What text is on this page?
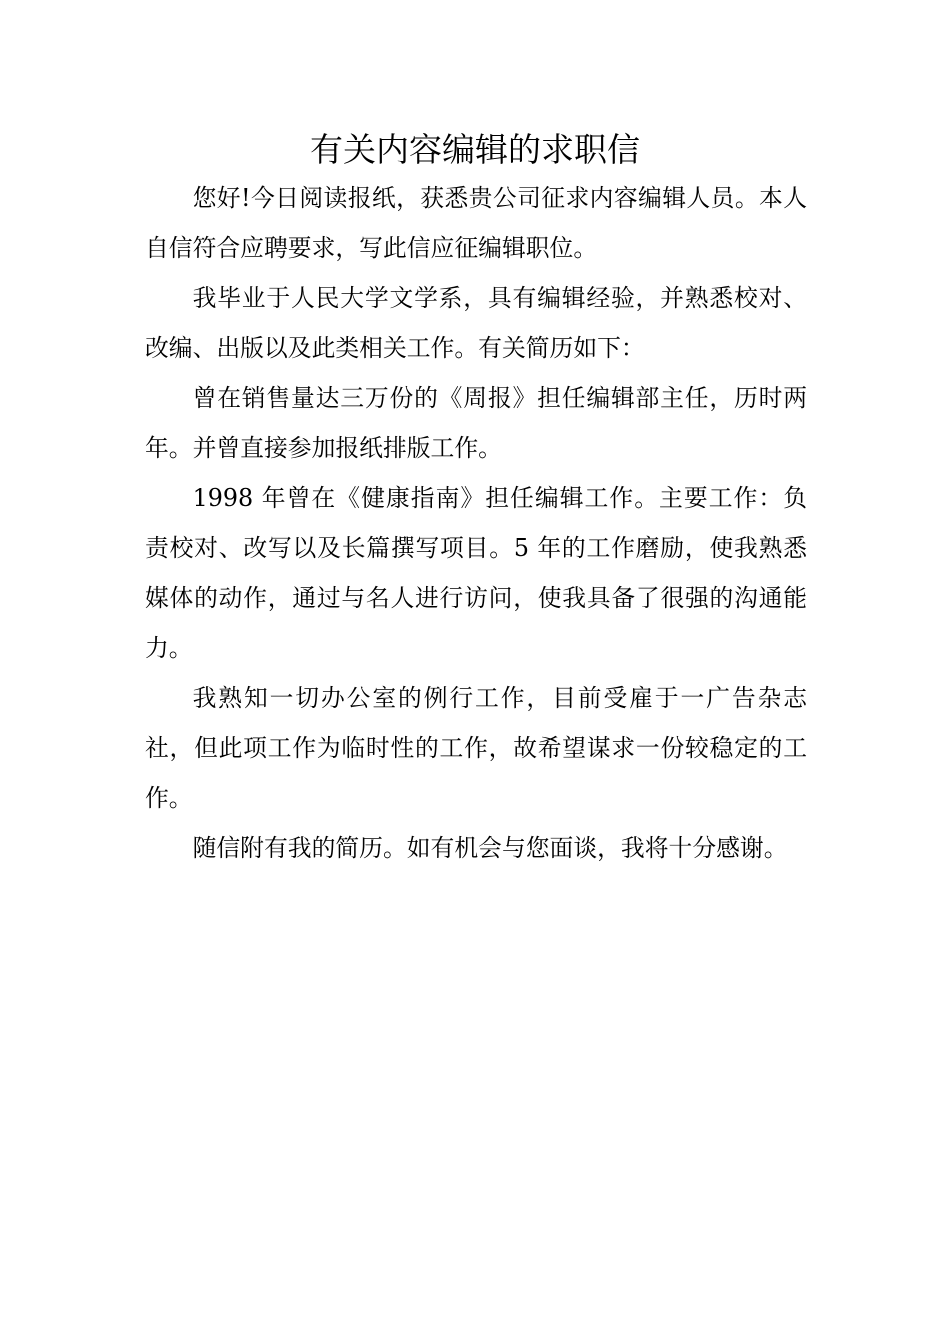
有关内容编辑的求职信

您好!今日阅读报纸，获悉贵公司征求内容编辑人员。本人自信符合应聘要求，写此信应征编辑职位。

我毕业于人民大学文学系，具有编辑经验，并熟悉校对、改编、出版以及此类相关工作。有关简历如下：

曾在销售量达三万份的《周报》担任编辑部主任，历时两年。并曾直接参加报纸排版工作。

1998 年曾在《健康指南》担任编辑工作。主要工作：负责校对、改写以及长篇撰写项目。5 年的工作磨励，使我熟悉媒体的动作，通过与名人进行访问，使我具备了很强的沟通能力。

我熟知一切办公室的例行工作，目前受雇于一广告杂志社，但此项工作为临时性的工作，故希望谋求一份较稳定的工作。

随信附有我的简历。如有机会与您面谈，我将十分感谢。
